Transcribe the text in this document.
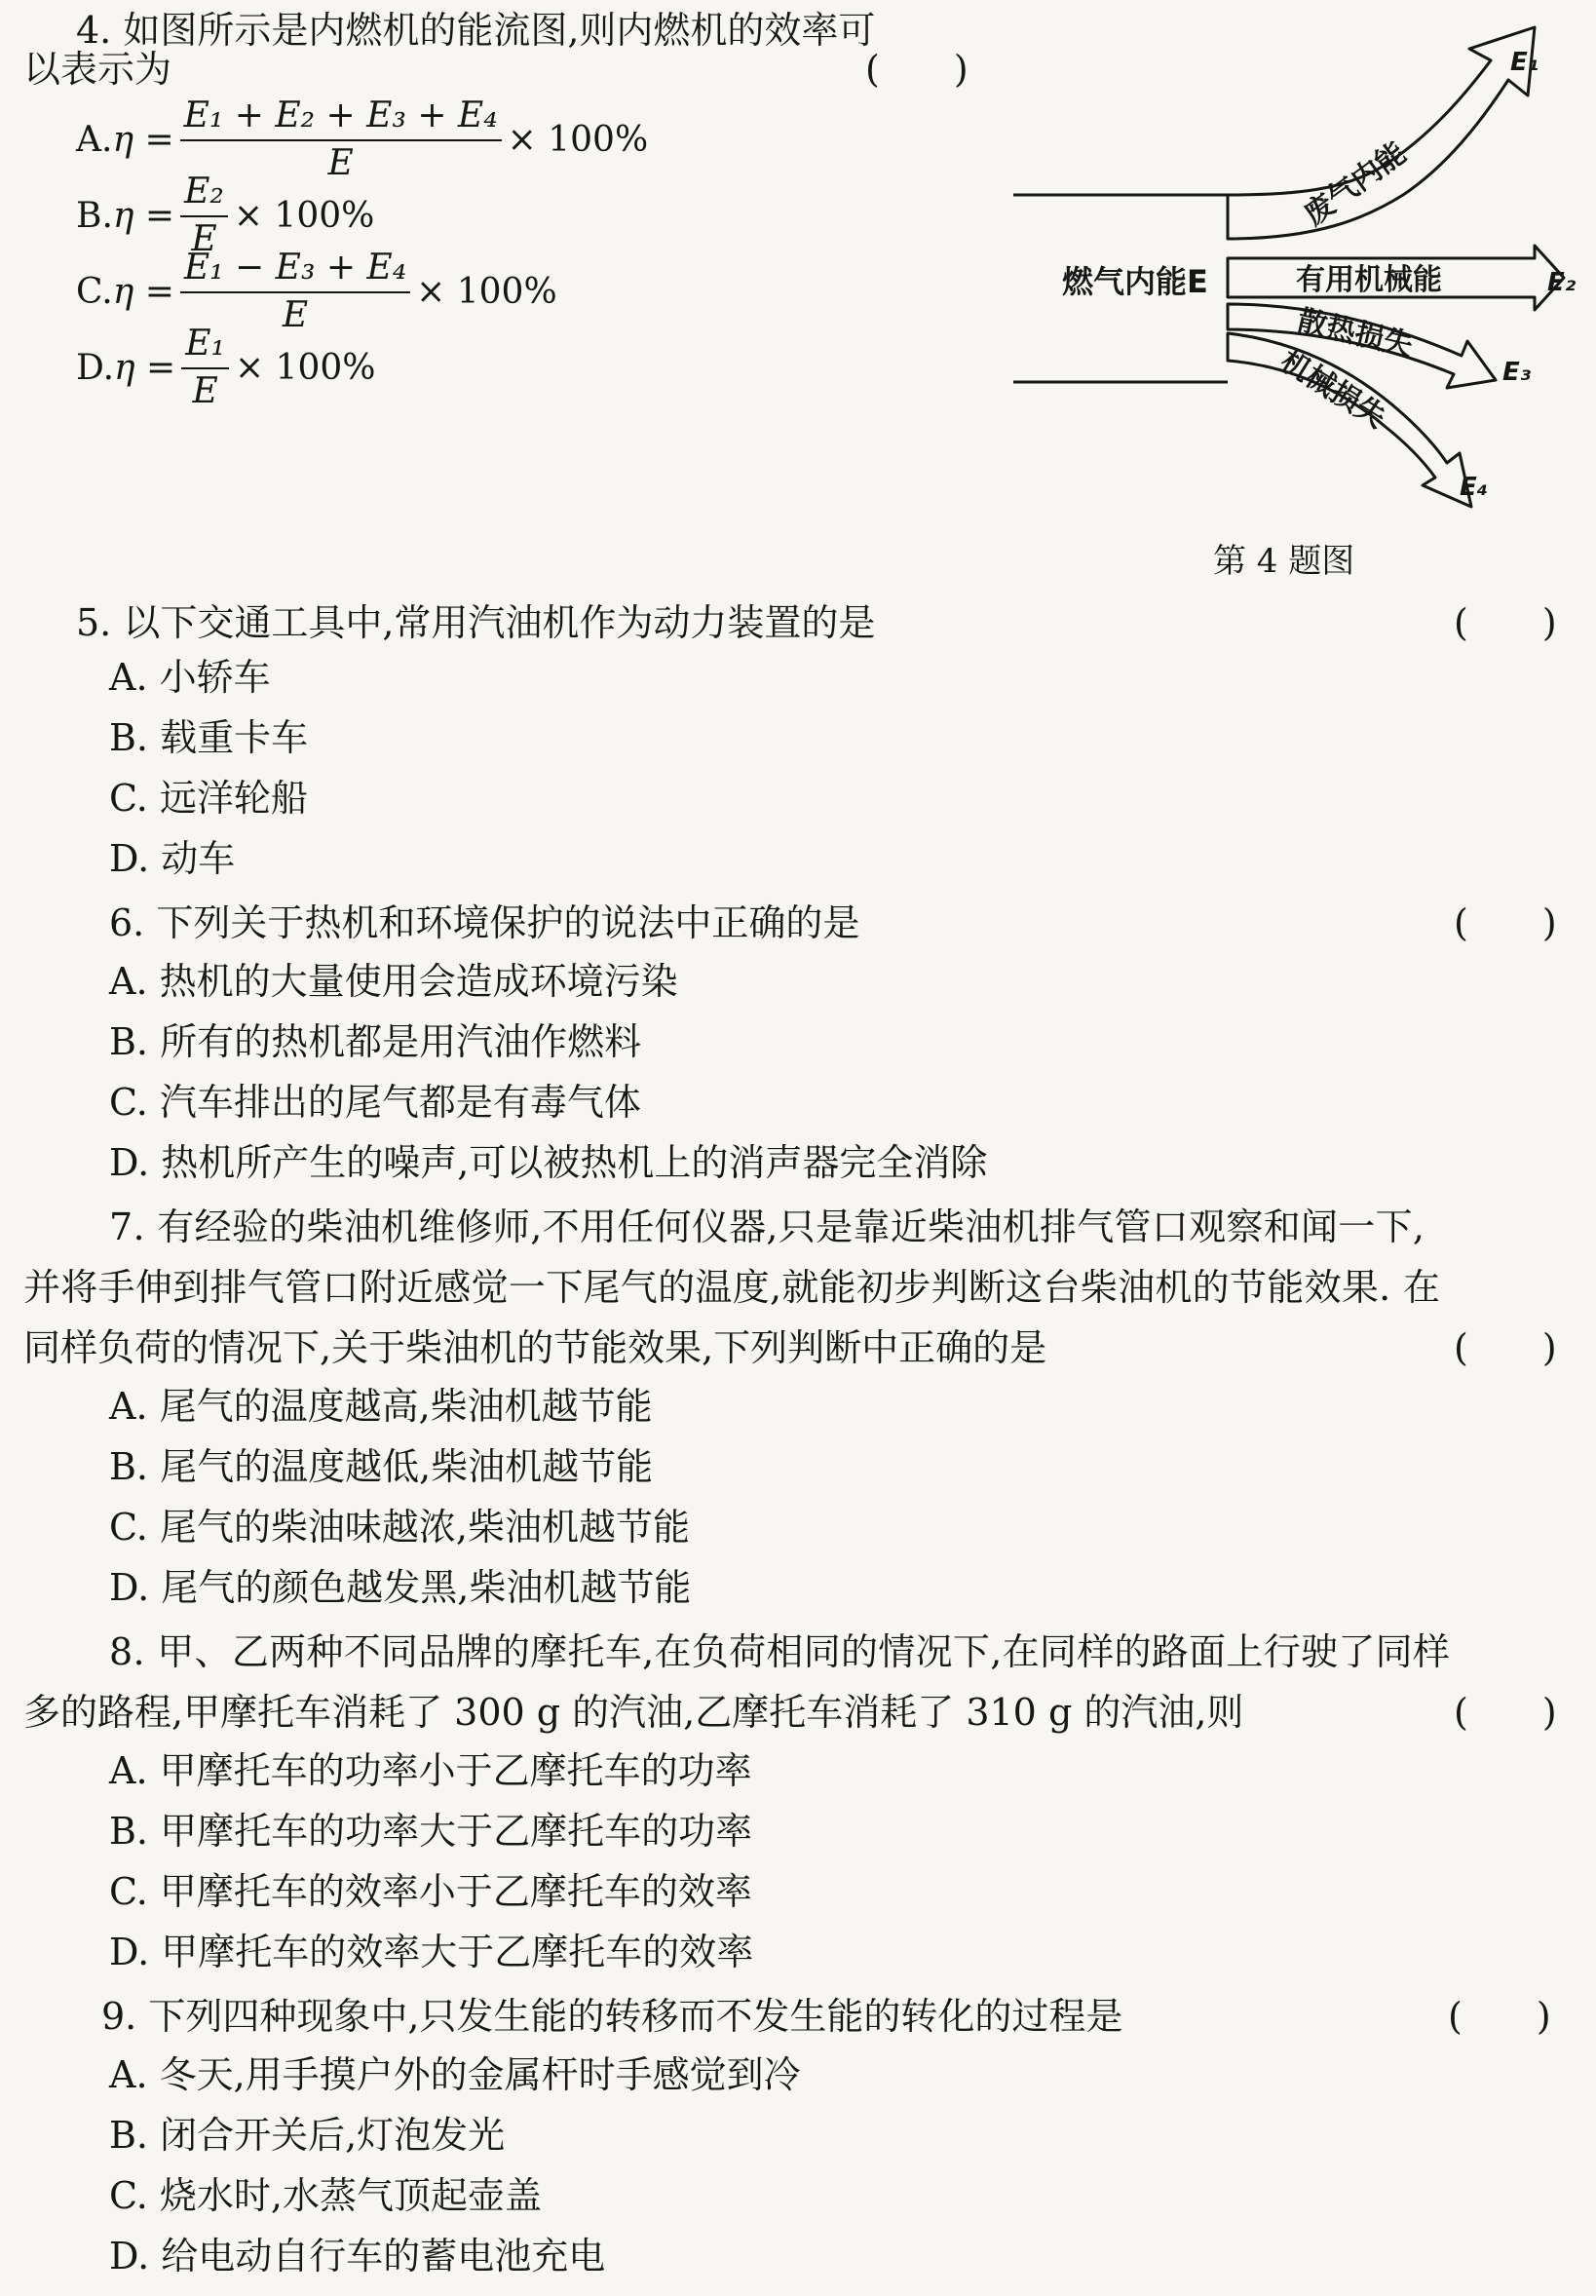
4. 如图所示是内燃机的能流图,则内燃机的效率可
以表示为	(　　)
A. $\eta = \frac{\text{E₁ + E₂ + E₃ + E₄}}{E} \times 100\%$
B. $\eta = \frac{\text{E₂}}{E} \times 100\%$
C. $\eta = \frac{\text{E₁ − E₃ + E₄}}{E} \times 100\%$
D. $\eta = \frac{\text{E₁}}{E} \times 100\%$
燃气内能E
废气内能
有用机械能
散热损失
机械损失
E₁
E₂
E₃
E₄
第 4 题图
5. 以下交通工具中,常用汽油机作为动力装置的是	(　　)
A. 小轿车
B. 载重卡车
C. 远洋轮船
D. 动车
6. 下列关于热机和环境保护的说法中正确的是	(　　)
A. 热机的大量使用会造成环境污染
B. 所有的热机都是用汽油作燃料
C. 汽车排出的尾气都是有毒气体
D. 热机所产生的噪声,可以被热机上的消声器完全消除
7. 有经验的柴油机维修师,不用任何仪器,只是靠近柴油机排气管口观察和闻一下,
并将手伸到排气管口附近感觉一下尾气的温度,就能初步判断这台柴油机的节能效果. 在
同样负荷的情况下,关于柴油机的节能效果,下列判断中正确的是	(　　)
A. 尾气的温度越高,柴油机越节能
B. 尾气的温度越低,柴油机越节能
C. 尾气的柴油味越浓,柴油机越节能
D. 尾气的颜色越发黑,柴油机越节能
8. 甲、乙两种不同品牌的摩托车,在负荷相同的情况下,在同样的路面上行驶了同样
多的路程,甲摩托车消耗了 300 g 的汽油,乙摩托车消耗了 310 g 的汽油,则	(　　)
A. 甲摩托车的功率小于乙摩托车的功率
B. 甲摩托车的功率大于乙摩托车的功率
C. 甲摩托车的效率小于乙摩托车的效率
D. 甲摩托车的效率大于乙摩托车的效率
9. 下列四种现象中,只发生能的转移而不发生能的转化的过程是	(　　)
A. 冬天,用手摸户外的金属杆时手感觉到冷
B. 闭合开关后,灯泡发光
C. 烧水时,水蒸气顶起壶盖
D. 给电动自行车的蓄电池充电
